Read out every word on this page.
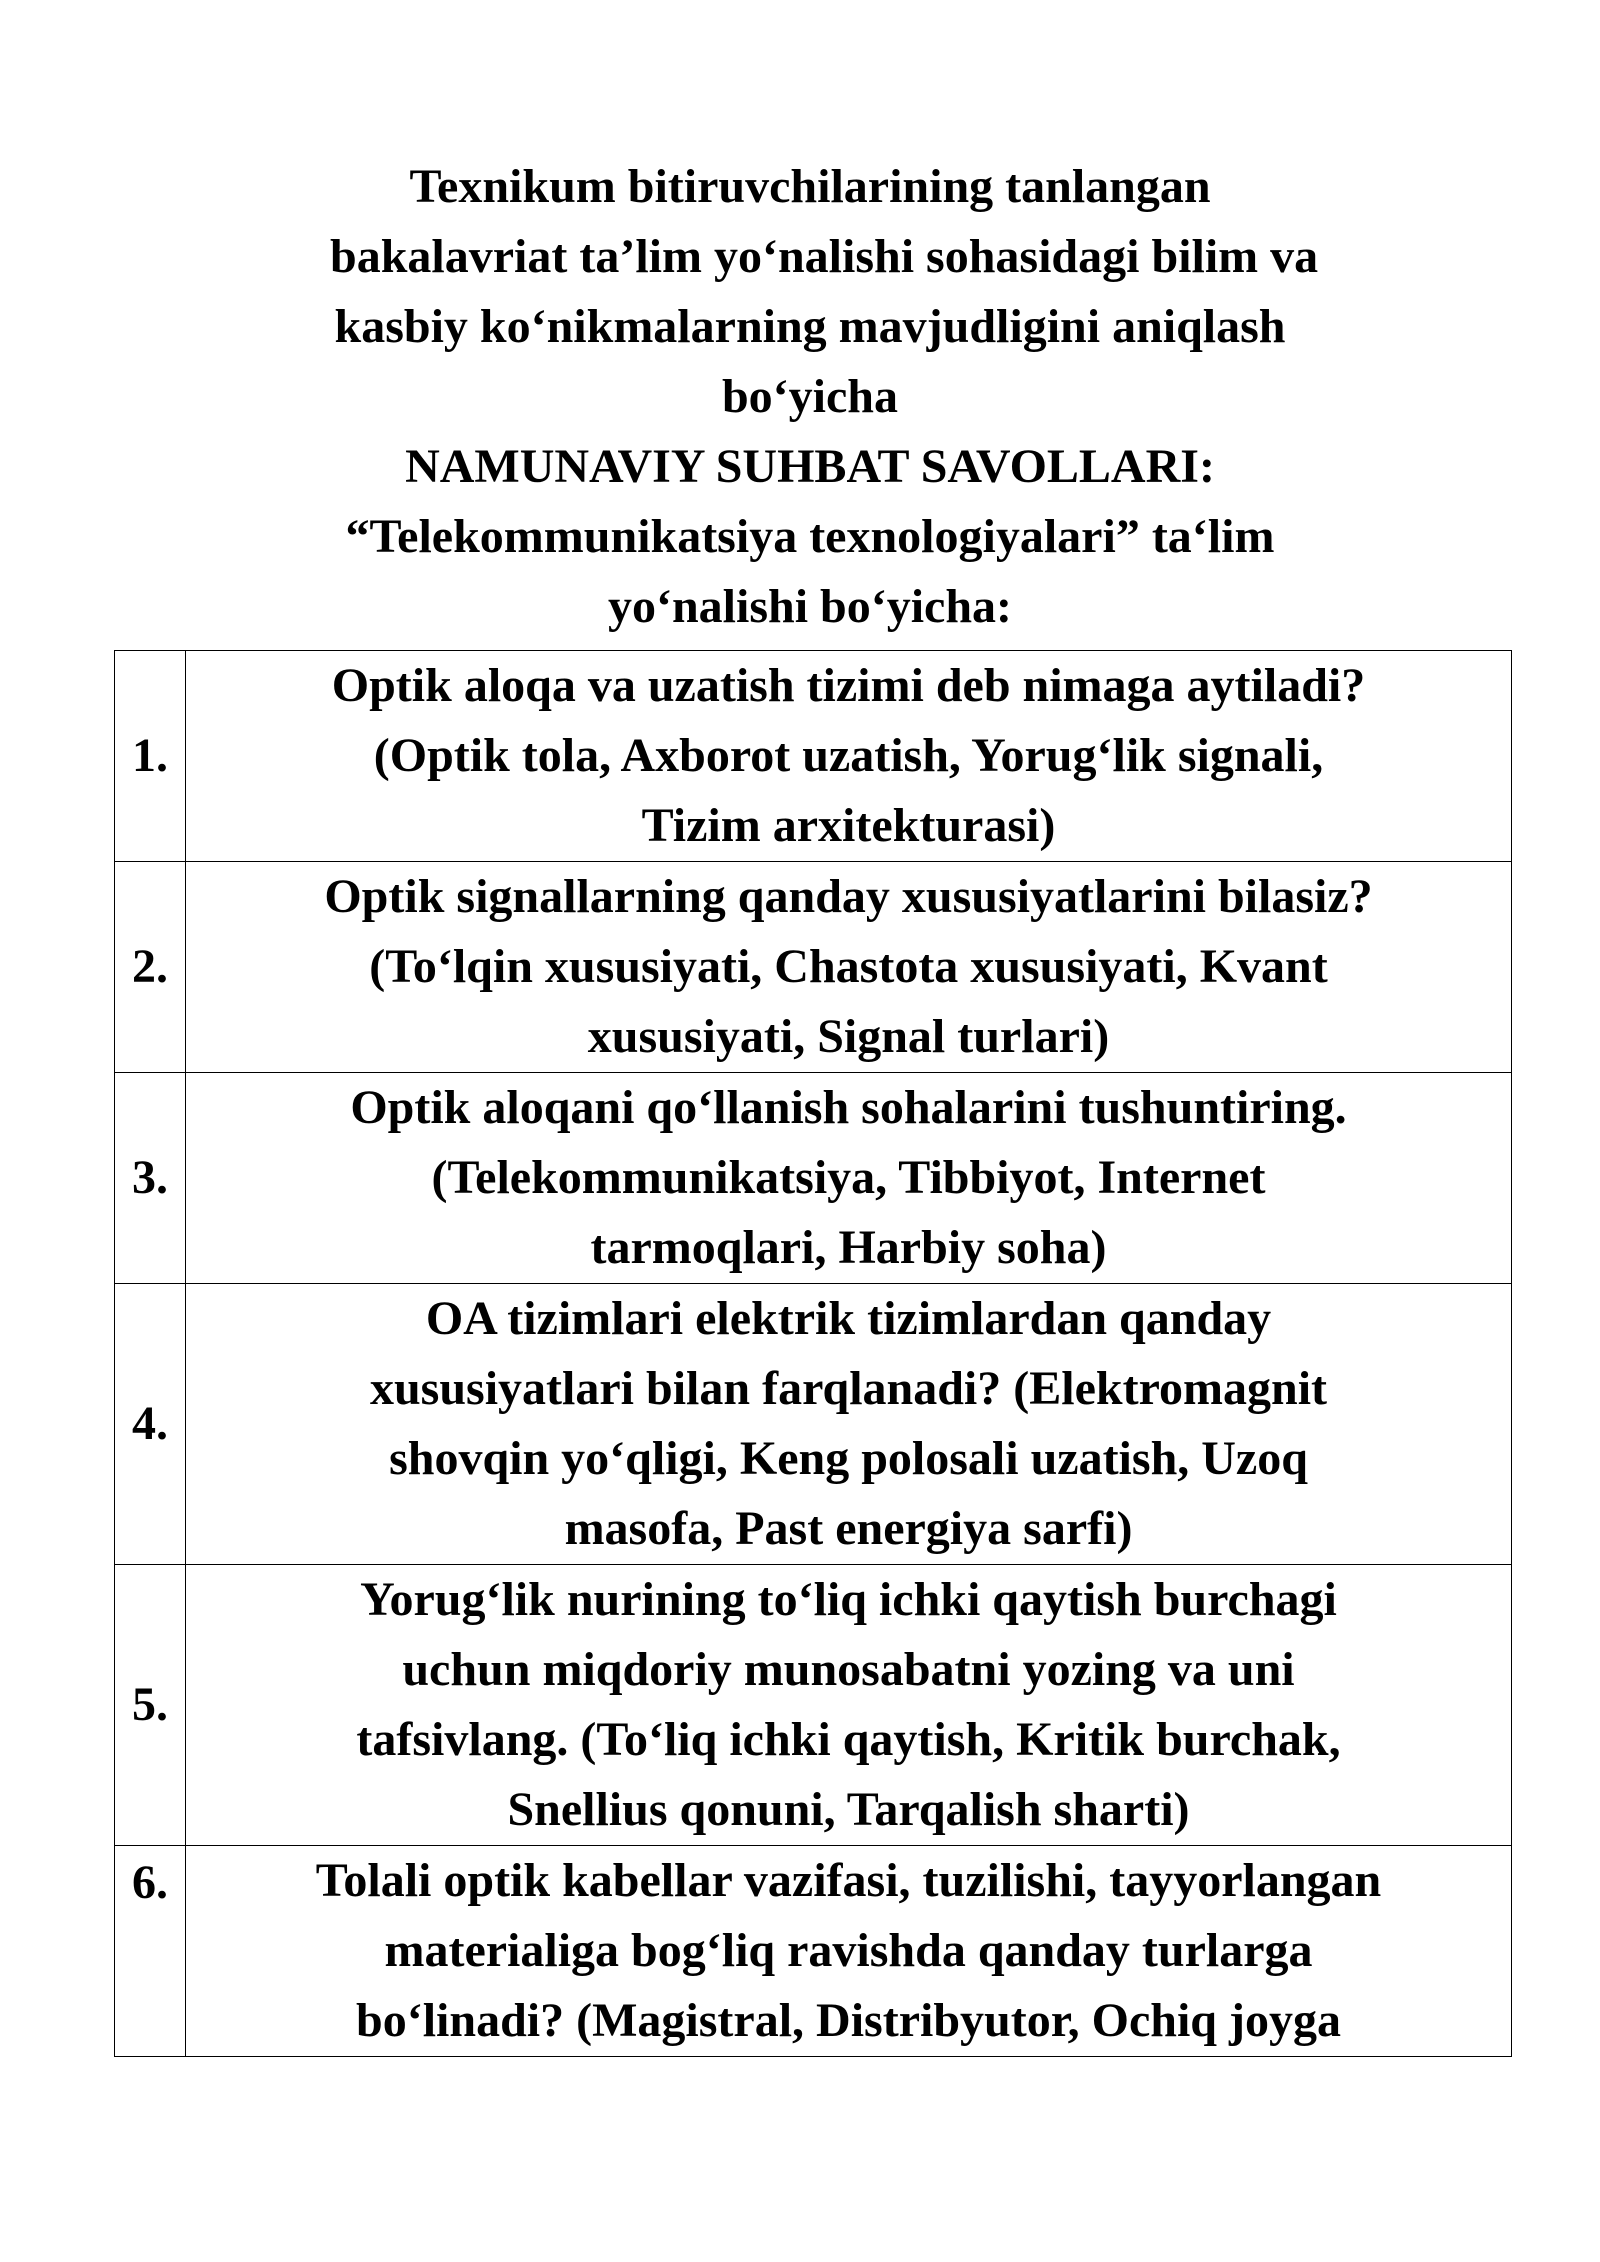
Texnikum bitiruvchilarining tanlangan
bakalavriat ta’lim yo‘nalishi sohasidagi bilim va
kasbiy ko‘nikmalarning mavjudligini aniqlash
bo‘yicha
NAMUNAVIY SUHBAT SAVOLLARI:
“Telekommunikatsiya texnologiyalari” ta‘lim
yo‘nalishi bo‘yicha:
1.	Optik aloqa va uzatish tizimi deb nimaga aytiladi?
(Optik tola, Axborot uzatish, Yorug‘lik signali,
Tizim arxitekturasi)

2.	Optik signallarning qanday xususiyatlarini bilasiz?
(To‘lqin xususiyati, Chastota xususiyati, Kvant
xususiyati, Signal turlari)

3.	Optik aloqani qo‘llanish sohalarini tushuntiring.
(Telekommunikatsiya, Tibbiyot, Internet
tarmoqlari, Harbiy soha)

4.	OA tizimlari elektrik tizimlardan qanday
xususiyatlari bilan farqlanadi? (Elektromagnit
shovqin yo‘qligi, Keng polosali uzatish, Uzoq
masofa, Past energiya sarfi)

5.	Yorug‘lik nurining to‘liq ichki qaytish burchagi
uchun miqdoriy munosabatni yozing va uni
tafsivlang. (To‘liq ichki qaytish, Kritik burchak,
Snellius qonuni, Tarqalish sharti)

6.	Tolali optik kabellar vazifasi, tuzilishi, tayyorlangan
materialiga bog‘liq ravishda qanday turlarga
bo‘linadi? (Magistral, Distribyutor, Ochiq joyga
